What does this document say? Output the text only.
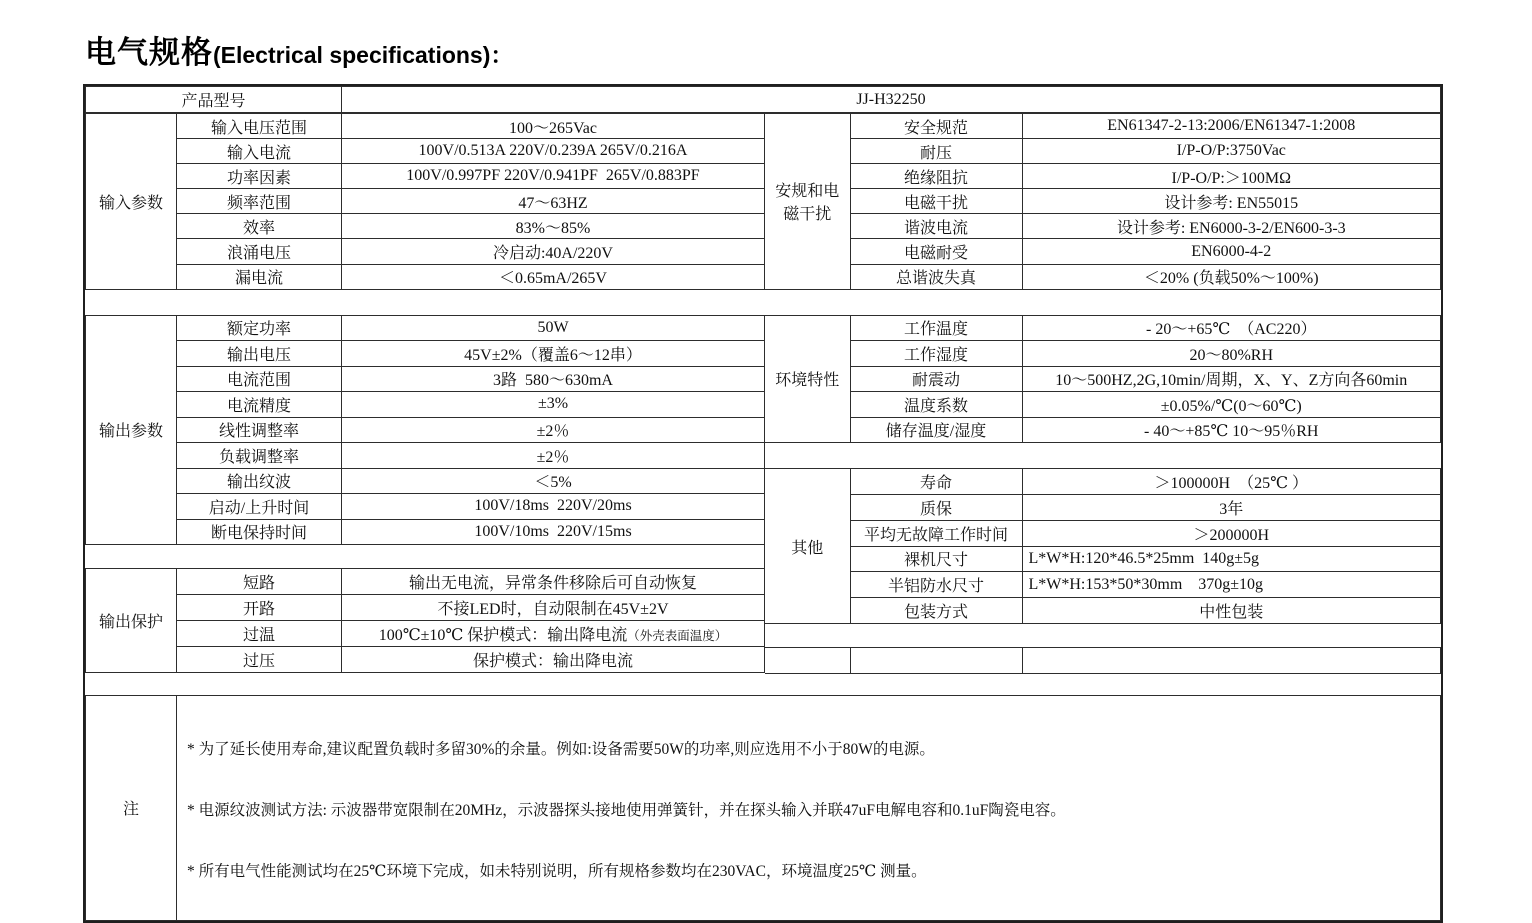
电气规格(Electrical specifications)：
产品型号	JJ-H32250
输入参数	输入电压范围	100～265Vac
	输入电流	100V/0.513A 220V/0.239A 265V/0.216A
	功率因素	100V/0.997PF 220V/0.941PF  265V/0.883PF
	频率范围	47～63HZ
	效率	83%～85%
	浪涌电压	冷启动:40A/220V
	漏电流	＜0.65mA/265V
安规和电磁干扰	安全规范	EN61347-2-13:2006/EN61347-1:2008
	耐压	I/P-O/P:3750Vac
	绝缘阻抗	I/P-O/P:＞100MΩ
	电磁干扰	设计参考: EN55015
	谐波电流	设计参考: EN6000-3-2/EN600-3-3
	电磁耐受	EN6000-4-2
	总谐波失真	＜20% (负载50%～100%)
输出参数	额定功率	50W
	输出电压	45V±2%（覆盖6～12串）
	电流范围	3路  580～630mA
	电流精度	±3%
	线性调整率	±2％
	负载调整率	±2％
	输出纹波	＜5%
	启动/上升时间	100V/18ms  220V/20ms
	断电保持时间	100V/10ms  220V/15ms
输出保护	短路	输出无电流，异常条件移除后可自动恢复
	开路	不接LED时，自动限制在45V±2V
	过温	100℃±10℃ 保护模式：输出降电流（外壳表面温度）
	过压	保护模式：输出降电流
环境特性	工作温度	- 20～+65℃  （AC220）
	工作湿度	20～80%RH
	耐震动	10～500HZ,2G,10min/周期，X、Y、Z方向各60min
	温度系数	±0.05%/℃(0～60℃)
	储存温度/湿度	- 40～+85℃ 10～95％RH
其他	寿命	＞100000H  （25℃ ）
	质保	3年
	平均无故障工作时间	＞200000H
	裸机尺寸	L*W*H:120*46.5*25mm  140g±5g
	半铝防水尺寸	L*W*H:153*50*30mm    370g±10g
	包装方式	中性包装

注	

* 为了延长使用寿命,建议配置负载时多留30%的余量。例如:设备需要50W的功率,则应选用不小于80W的电源。

* 电源纹波测试方法: 示波器带宽限制在20MHz，示波器探头接地使用弹簧针，并在探头输入并联47uF电解电容和0.1uF陶瓷电容。

* 所有电气性能测试均在25℃环境下完成，如未特别说明，所有规格参数均在230VAC，环境温度25℃ 测量。
